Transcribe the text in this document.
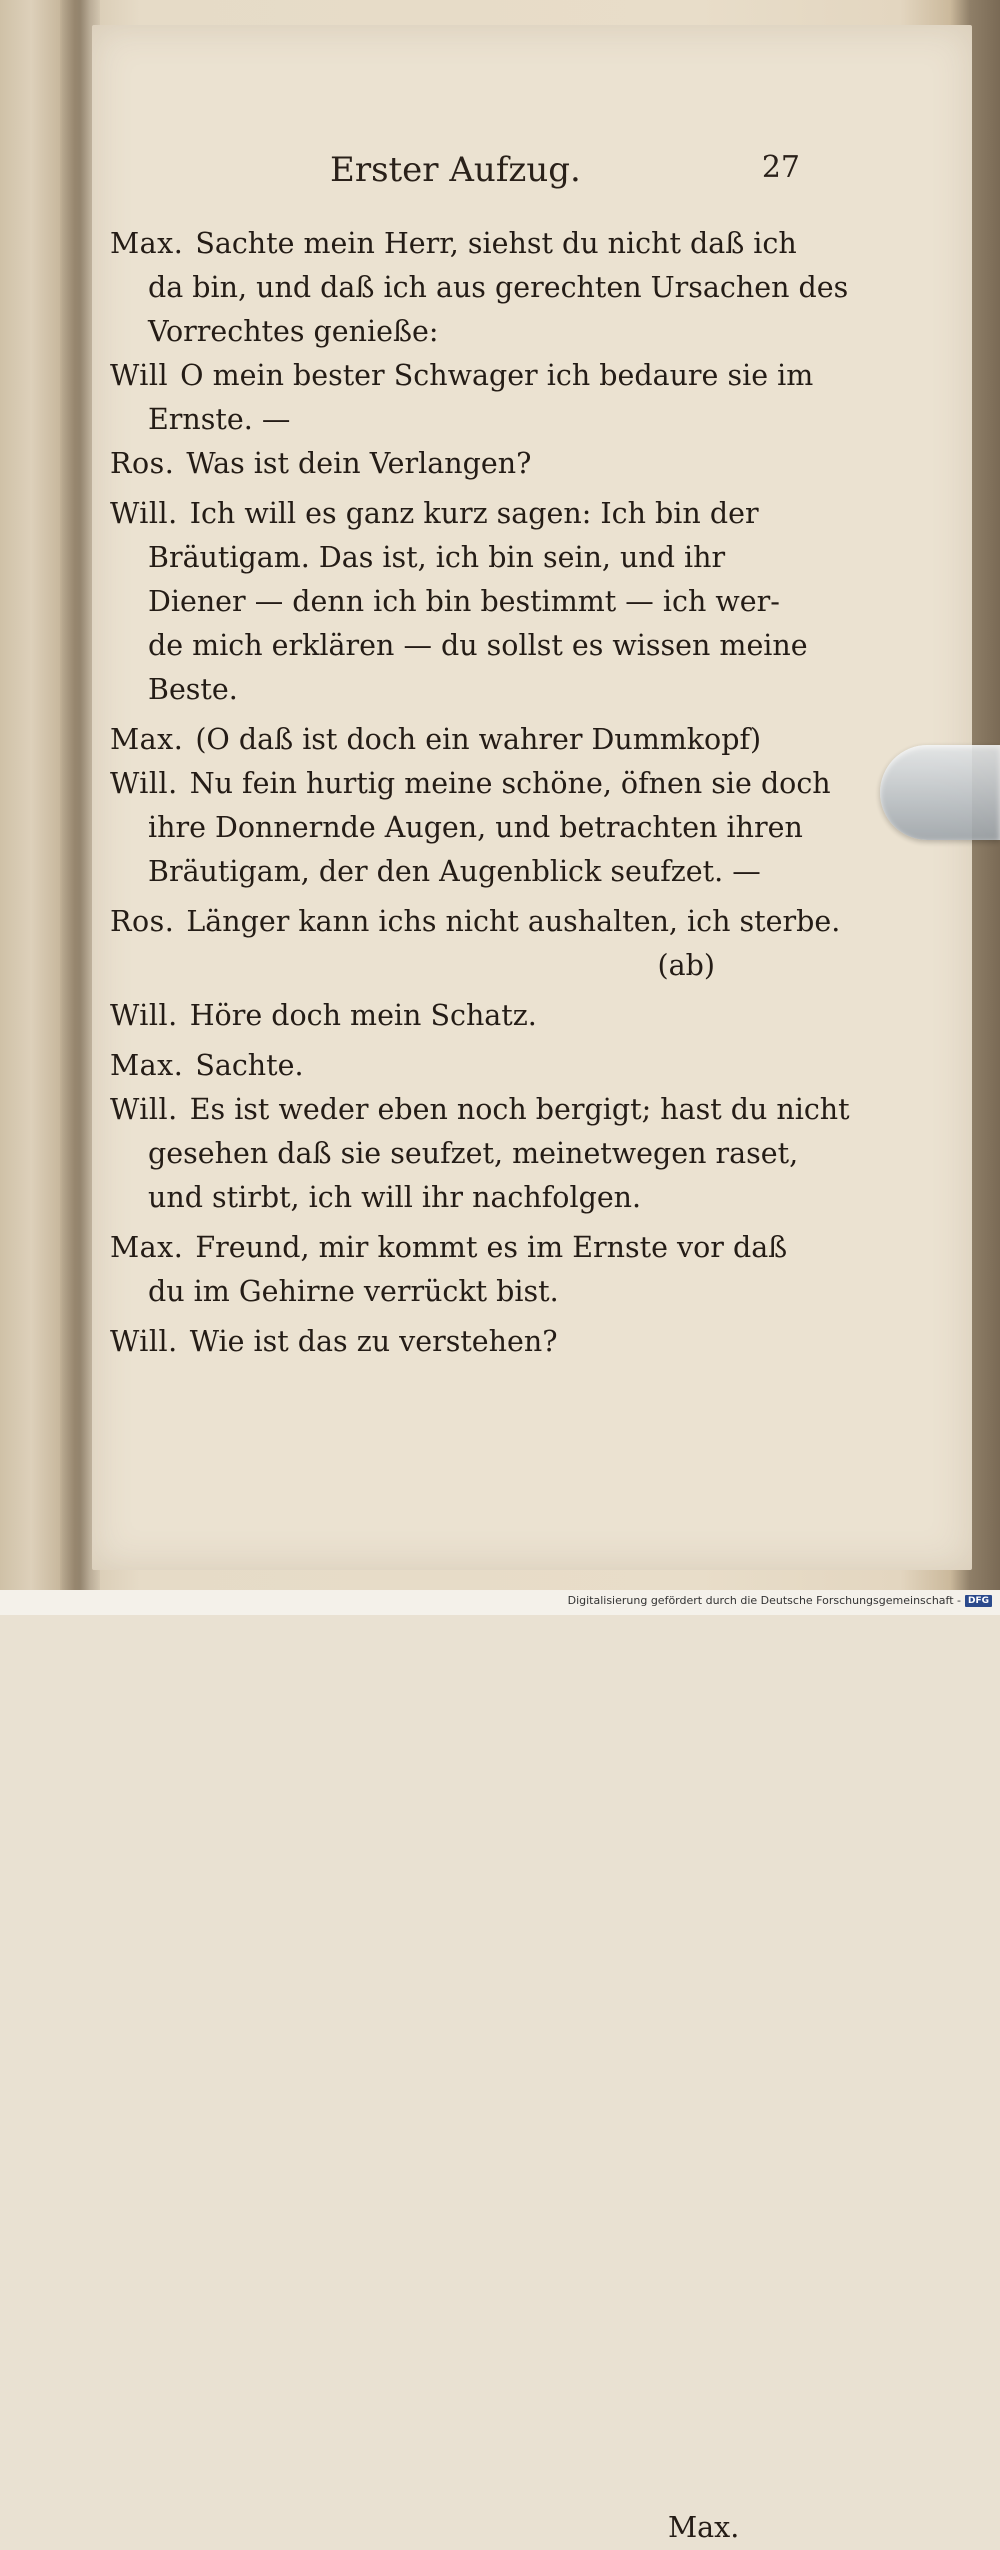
Erster Aufzug.	27
Max. Sachte mein Herr, siehst du nicht daß ich
da bin, und daß ich aus gerechten Ursachen des
Vorrechtes genieße:
Will O mein bester Schwager ich bedaure sie im
Ernste. —
Ros. Was ist dein Verlangen?
Will. Ich will es ganz kurz sagen: Ich bin der
Bräutigam. Das ist, ich bin sein, und ihr
Diener — denn ich bin bestimmt — ich wer-
de mich erklären — du sollst es wissen meine
Beste.
Max. (O daß ist doch ein wahrer Dummkopf)
Will. Nu fein hurtig meine schöne, öfnen sie doch
ihre Donnernde Augen, und betrachten ihren
Bräutigam, der den Augenblick seufzet. —
Ros. Länger kann ichs nicht aushalten, ich sterbe.
(ab)
Will. Höre doch mein Schatz.
Max. Sachte.
Will. Es ist weder eben noch bergigt; hast du nicht
gesehen daß sie seufzet, meinetwegen raset,
und stirbt, ich will ihr nachfolgen.
Max. Freund, mir kommt es im Ernste vor daß
du im Gehirne verrückt bist.
Will. Wie ist das zu verstehen?
Max.
Digitalisierung gefördert durch die Deutsche Forschungsgemeinschaft - DFG
